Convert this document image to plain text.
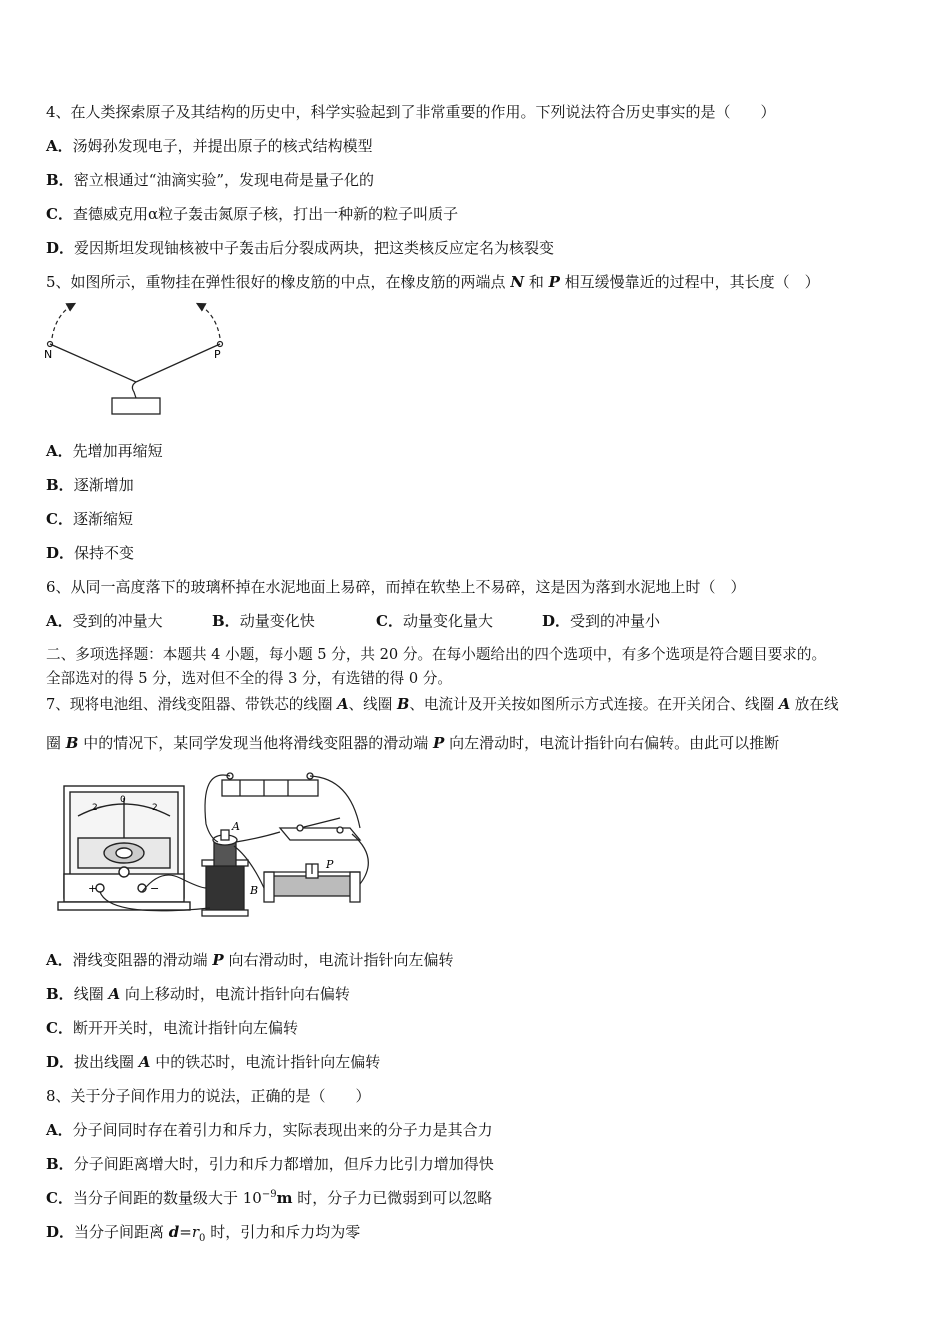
4、在人类探索原子及其结构的历史中，科学实验起到了非常重要的作用。下列说法符合历史事实的是（　　）
A．汤姆孙发现电子，并提出原子的核式结构模型
B．密立根通过“油滴实验”，发现电荷是量子化的
C．查德威克用α粒子轰击氮原子核，打出一种新的粒子叫质子
D．爱因斯坦发现铀核被中子轰击后分裂成两块，把这类核反应定名为核裂变
5、如图所示，重物挂在弹性很好的橡皮筋的中点，在橡皮筋的两端点 N 和 P 相互缓慢靠近的过程中，其长度（　）
N	P
A．先增加再缩短
B．逐渐增加
C．逐渐缩短
D．保持不变
6、从同一高度落下的玻璃杯掉在水泥地面上易碎，而掉在软垫上不易碎，这是因为落到水泥地上时（　）
A．受到的冲量大	B．动量变化快	C．动量变化量大	D．受到的冲量小
二、多项选择题：本题共 4 小题，每小题 5 分，共 20 分。在每小题给出的四个选项中，有多个选项是符合题目要求的。
全部选对的得 5 分，选对但不全的得 3 分，有选错的得 0 分。
7、现将电池组、滑线变阻器、带铁芯的线圈 A、线圈 B、电流计及开关按如图所示方式连接。在开关闭合、线圈 A 放在线
圈 B 中的情况下，某同学发现当他将滑线变阻器的滑动端 P 向左滑动时，电流计指针向右偏转。由此可以推断
2
0
2
+	−
A
B
P
A．滑线变阻器的滑动端 P 向右滑动时，电流计指针向左偏转
B．线圈 A 向上移动时，电流计指针向右偏转
C．断开开关时，电流计指针向左偏转
D．拔出线圈 A 中的铁芯时，电流计指针向左偏转
8、关于分子间作用力的说法，正确的是（　　）
A．分子间同时存在着引力和斥力，实际表现出来的分子力是其合力
B．分子间距离增大时，引力和斥力都增加，但斥力比引力增加得快
C．当分子间距的数量级大于 $10^{-9}m$ 时，分子力已微弱到可以忽略
D．当分子间距离 $d=r_0$ 时，引力和斥力均为零
